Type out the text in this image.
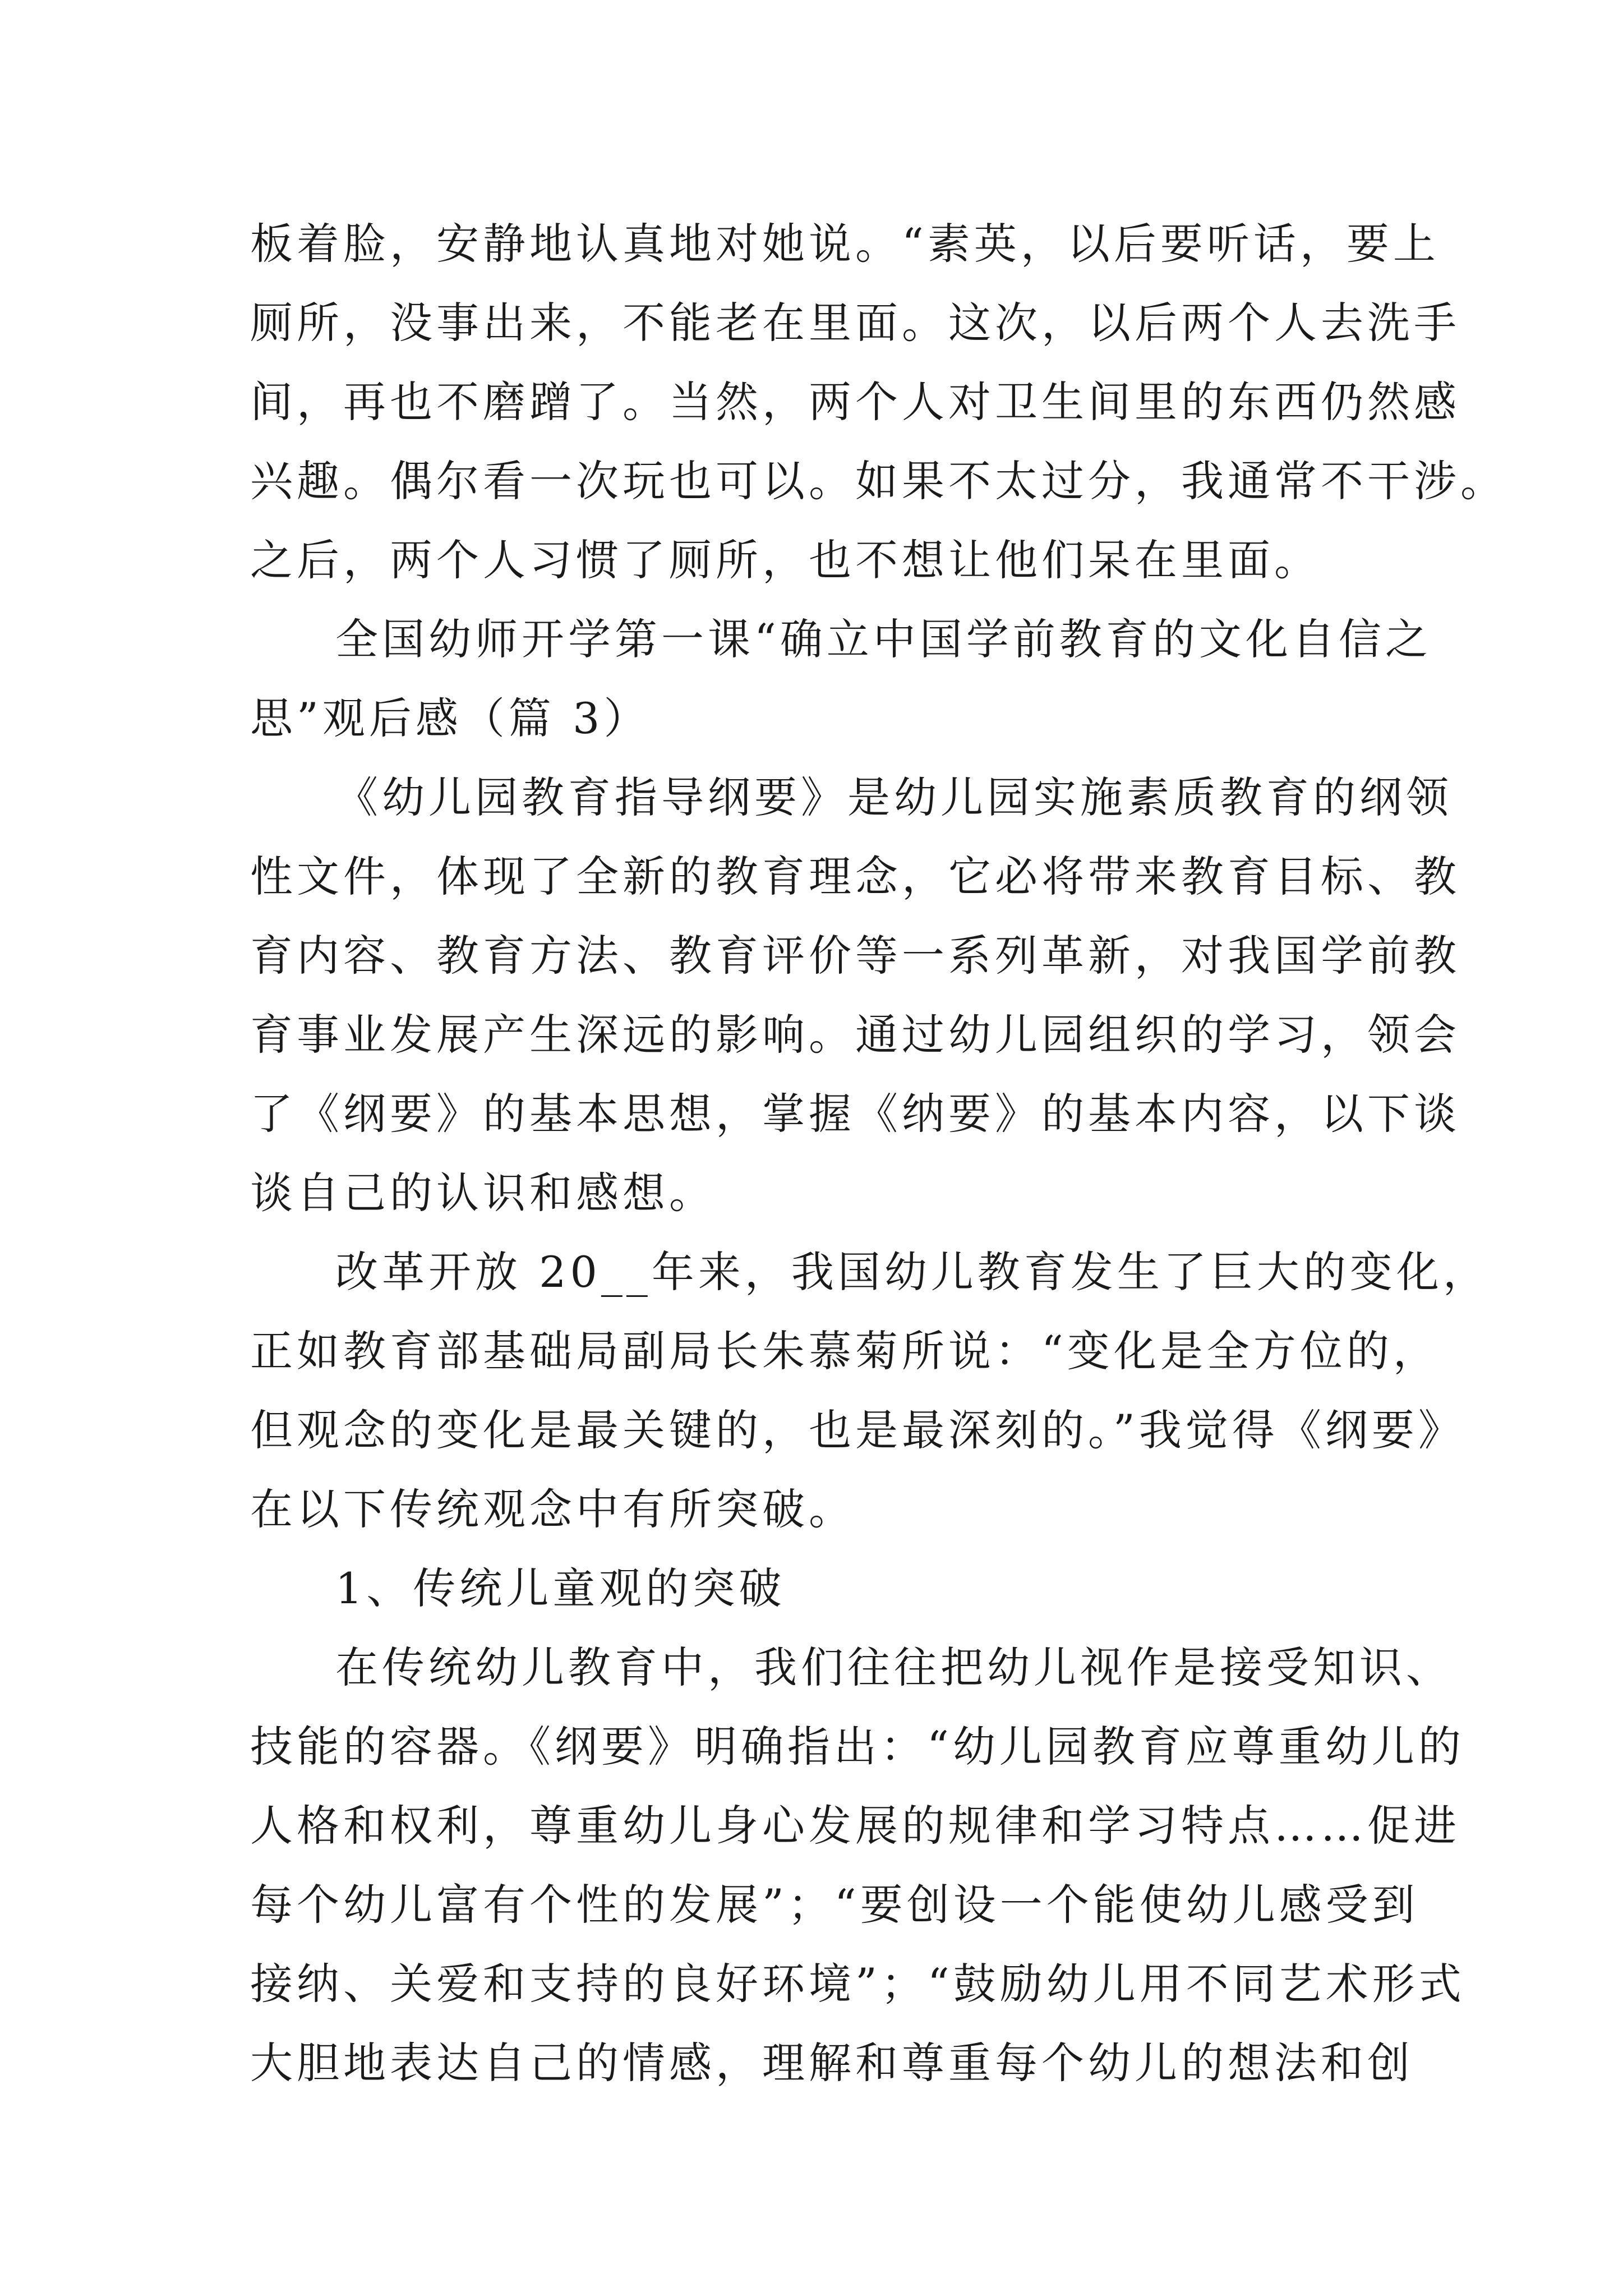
板着脸，安静地认真地对她说。“素英，以后要听话，要上
厕所，没事出来，不能老在里面。这次，以后两个人去洗手
间，再也不磨蹭了。当然，两个人对卫生间里的东西仍然感
兴趣。偶尔看一次玩也可以。如果不太过分，我通常不干涉。
之后，两个人习惯了厕所，也不想让他们呆在里面。
全国幼师开学第一课“确立中国学前教育的文化自信之
思”观后感（篇 3）
《幼儿园教育指导纲要》是幼儿园实施素质教育的纲领
性文件，体现了全新的教育理念，它必将带来教育目标、教
育内容、教育方法、教育评价等一系列革新，对我国学前教
育事业发展产生深远的影响。通过幼儿园组织的学习，领会
了《纲要》的基本思想，掌握《纳要》的基本内容，以下谈
谈自己的认识和感想。
改革开放 20__年来，我国幼儿教育发生了巨大的变化，
正如教育部基础局副局长朱慕菊所说：“变化是全方位的，
但观念的变化是最关键的，也是最深刻的。”我觉得《纲要》
在以下传统观念中有所突破。
1、传统儿童观的突破
在传统幼儿教育中，我们往往把幼儿视作是接受知识、
技能的容器。《纲要》明确指出：“幼儿园教育应尊重幼儿的
人格和权利，尊重幼儿身心发展的规律和学习特点……促进
每个幼儿富有个性的发展”；“要创设一个能使幼儿感受到
接纳、关爱和支持的良好环境”；“鼓励幼儿用不同艺术形式
大胆地表达自己的情感，理解和尊重每个幼儿的想法和创
